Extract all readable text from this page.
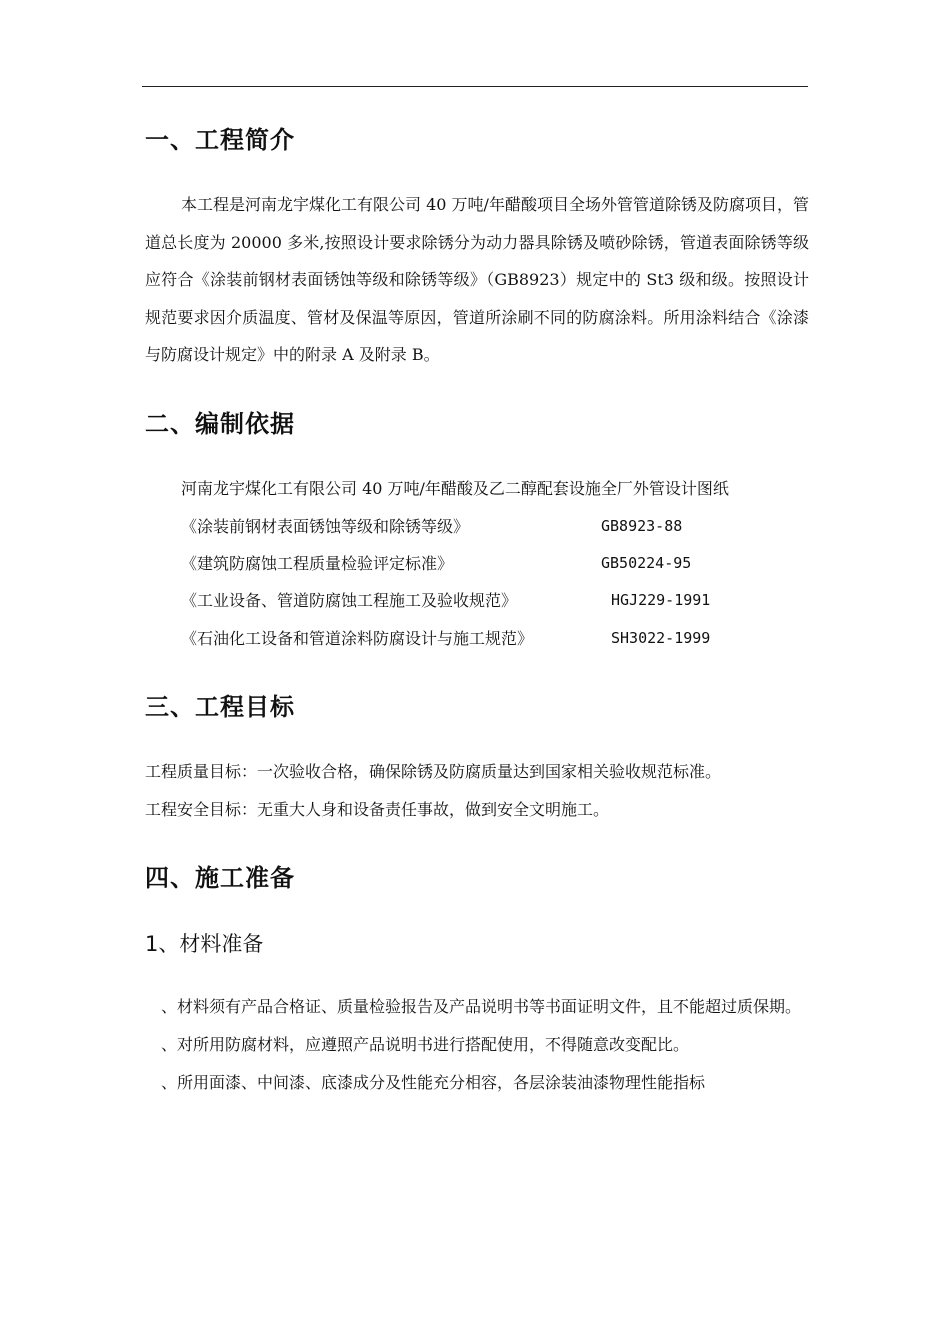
一、工程简介

本工程是河南龙宇煤化工有限公司 40 万吨/年醋酸项目全场外管管道除锈及防腐项目，管道总长度为 20000 多米,按照设计要求除锈分为动力器具除锈及喷砂除锈，管道表面除锈等级应符合《涂装前钢材表面锈蚀等级和除锈等级》（GB8923）规定中的 St3 级和级。按照设计规范要求因介质温度、管材及保温等原因，管道所涂刷不同的防腐涂料。所用涂料结合《涂漆与防腐设计规定》中的附录 A 及附录 B。

二、编制依据

河南龙宇煤化工有限公司 40 万吨/年醋酸及乙二醇配套设施全厂外管设计图纸

《涂装前钢材表面锈蚀等级和除锈等级》	GB8923-88
《建筑防腐蚀工程质量检验评定标准》	GB50224-95
《工业设备、管道防腐蚀工程施工及验收规范》	HGJ229-1991
《石油化工设备和管道涂料防腐设计与施工规范》	SH3022-1999
三、工程目标

工程质量目标：一次验收合格，确保除锈及防腐质量达到国家相关验收规范标准。

工程安全目标：无重大人身和设备责任事故，做到安全文明施工。

四、施工准备
1、材料准备

、材料须有产品合格证、质量检验报告及产品说明书等书面证明文件，且不能超过质保期。

、对所用防腐材料，应遵照产品说明书进行搭配使用，不得随意改变配比。

、所用面漆、中间漆、底漆成分及性能充分相容，各层涂装油漆物理性能指标
